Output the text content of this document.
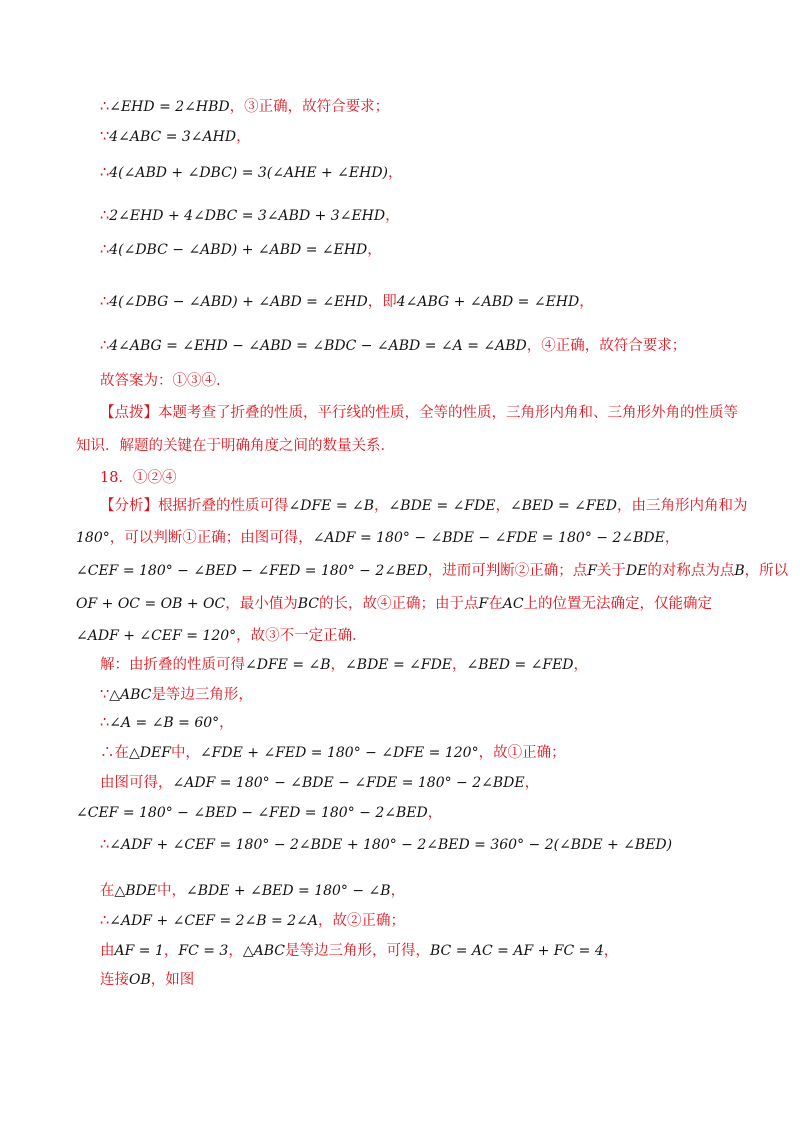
∴∠EHD = 2∠HBD，③正确，故符合要求；
∵4∠ABC = 3∠AHD，
∴4(∠ABD + ∠DBC) = 3(∠AHE + ∠EHD)，
∴2∠EHD + 4∠DBC = 3∠ABD + 3∠EHD，
∴4(∠DBC − ∠ABD) + ∠ABD = ∠EHD，
∴4(∠DBG − ∠ABD) + ∠ABD = ∠EHD，即4∠ABG + ∠ABD = ∠EHD，
∴4∠ABG = ∠EHD − ∠ABD = ∠BDC − ∠ABD = ∠A = ∠ABD，④正确，故符合要求；
故答案为：①③④.
【点拨】本题考查了折叠的性质，平行线的性质，全等的性质，三角形内角和、三角形外角的性质等
知识．解题的关键在于明确角度之间的数量关系．
18．①②④
【分析】根据折叠的性质可得∠DFE = ∠B，∠BDE = ∠FDE，∠BED = ∠FED，由三角形内角和为
180°，可以判断①正确；由图可得，∠ADF = 180° − ∠BDE − ∠FDE = 180° − 2∠BDE，
∠CEF = 180° − ∠BED − ∠FED = 180° − 2∠BED，进而可判断②正确；点F关于DE的对称点为点B，所以
OF + OC = OB + OC，最小值为BC的长，故④正确；由于点F在AC上的位置无法确定，仅能确定
∠ADF + ∠CEF = 120°，故③不一定正确．
解：由折叠的性质可得∠DFE = ∠B，∠BDE = ∠FDE，∠BED = ∠FED，
∵△ABC是等边三角形，
∴∠A = ∠B = 60°，
∴在△DEF中，∠FDE + ∠FED = 180° − ∠DFE = 120°，故①正确；
由图可得，∠ADF = 180° − ∠BDE − ∠FDE = 180° − 2∠BDE，
∠CEF = 180° − ∠BED − ∠FED = 180° − 2∠BED，
∴∠ADF + ∠CEF = 180° − 2∠BDE + 180° − 2∠BED = 360° − 2(∠BDE + ∠BED)
在△BDE中，∠BDE + ∠BED = 180° − ∠B，
∴∠ADF + ∠CEF = 2∠B = 2∠A，故②正确；
由AF = 1，FC = 3，△ABC是等边三角形，可得，BC = AC = AF + FC = 4，
连接OB，如图
